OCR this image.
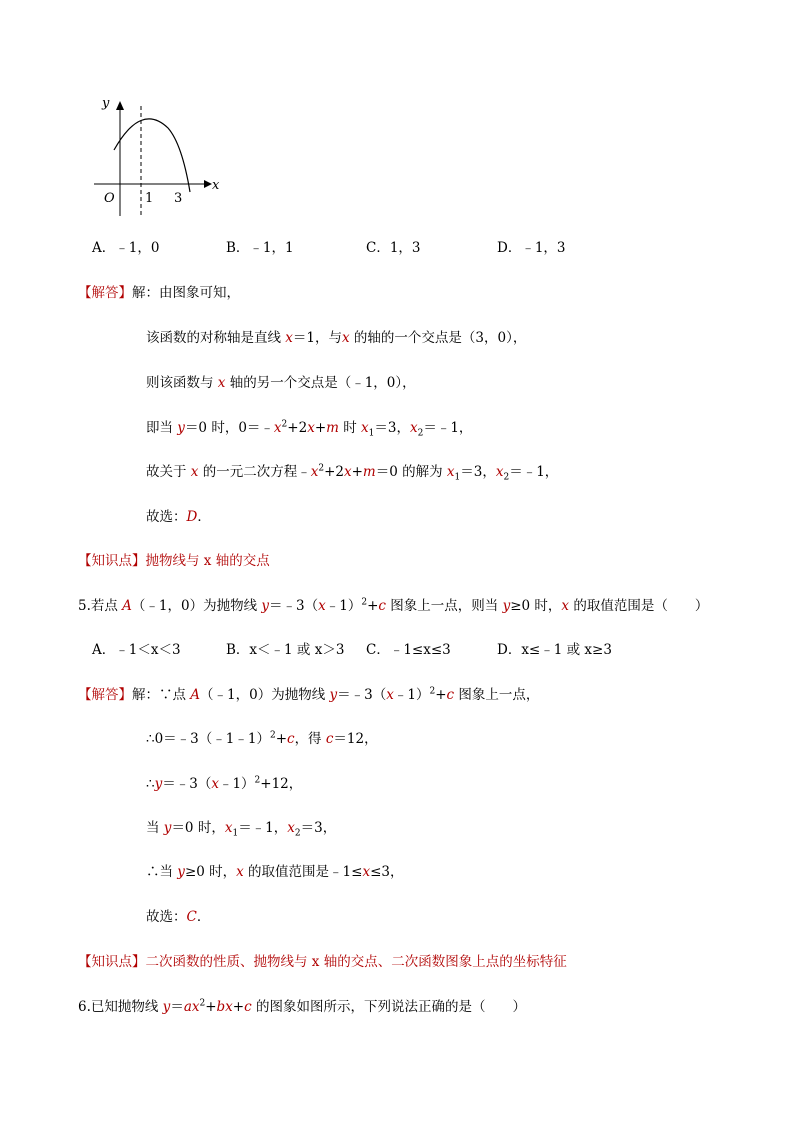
y
x
O 1 3
A．﹣1，0	B．﹣1，1	C．1，3	D．﹣1，3
【解答】解：由图象可知，
该函数的对称轴是直线 x＝1，与x 的轴的一个交点是（3，0），
则该函数与 x 轴的另一个交点是（﹣1，0），
即当 y＝0 时，$0=﹣x^2+2x+m$ 时 $x_1=3$，$x_2=﹣1$，
故关于 x 的一元二次方程$﹣x^2+2x+m=0$ 的解为 $x_1=3$，$x_2=﹣1$，
故选：D．
【知识点】抛物线与 x 轴的交点
5.若点 A（﹣1，0）为抛物线 y＝﹣3（x﹣1）$^2$+c 图象上一点，则当 y≥0 时，x 的取值范围是（　　）
A．﹣1＜x＜3	B．x＜﹣1 或 x＞3 C．﹣1≤x≤3	D．x≤﹣1 或 x≥3
【解答】解：∵点 A（﹣1，0）为抛物线 y＝﹣3（x﹣1）$^2$+c 图象上一点，
∴0＝﹣3（﹣1﹣1）$^2$+c，得 c＝12，
∴y＝﹣3（x﹣1）$^2$+12，
当 y＝0 时，$x_1=﹣1$，$x_2=3$，
∴当 y≥0 时，x 的取值范围是﹣1≤x≤3，
故选：C．
【知识点】二次函数的性质、抛物线与 x 轴的交点、二次函数图象上点的坐标特征
6.已知抛物线 $y=ax^2+bx+c$ 的图象如图所示，下列说法正确的是（　　）
